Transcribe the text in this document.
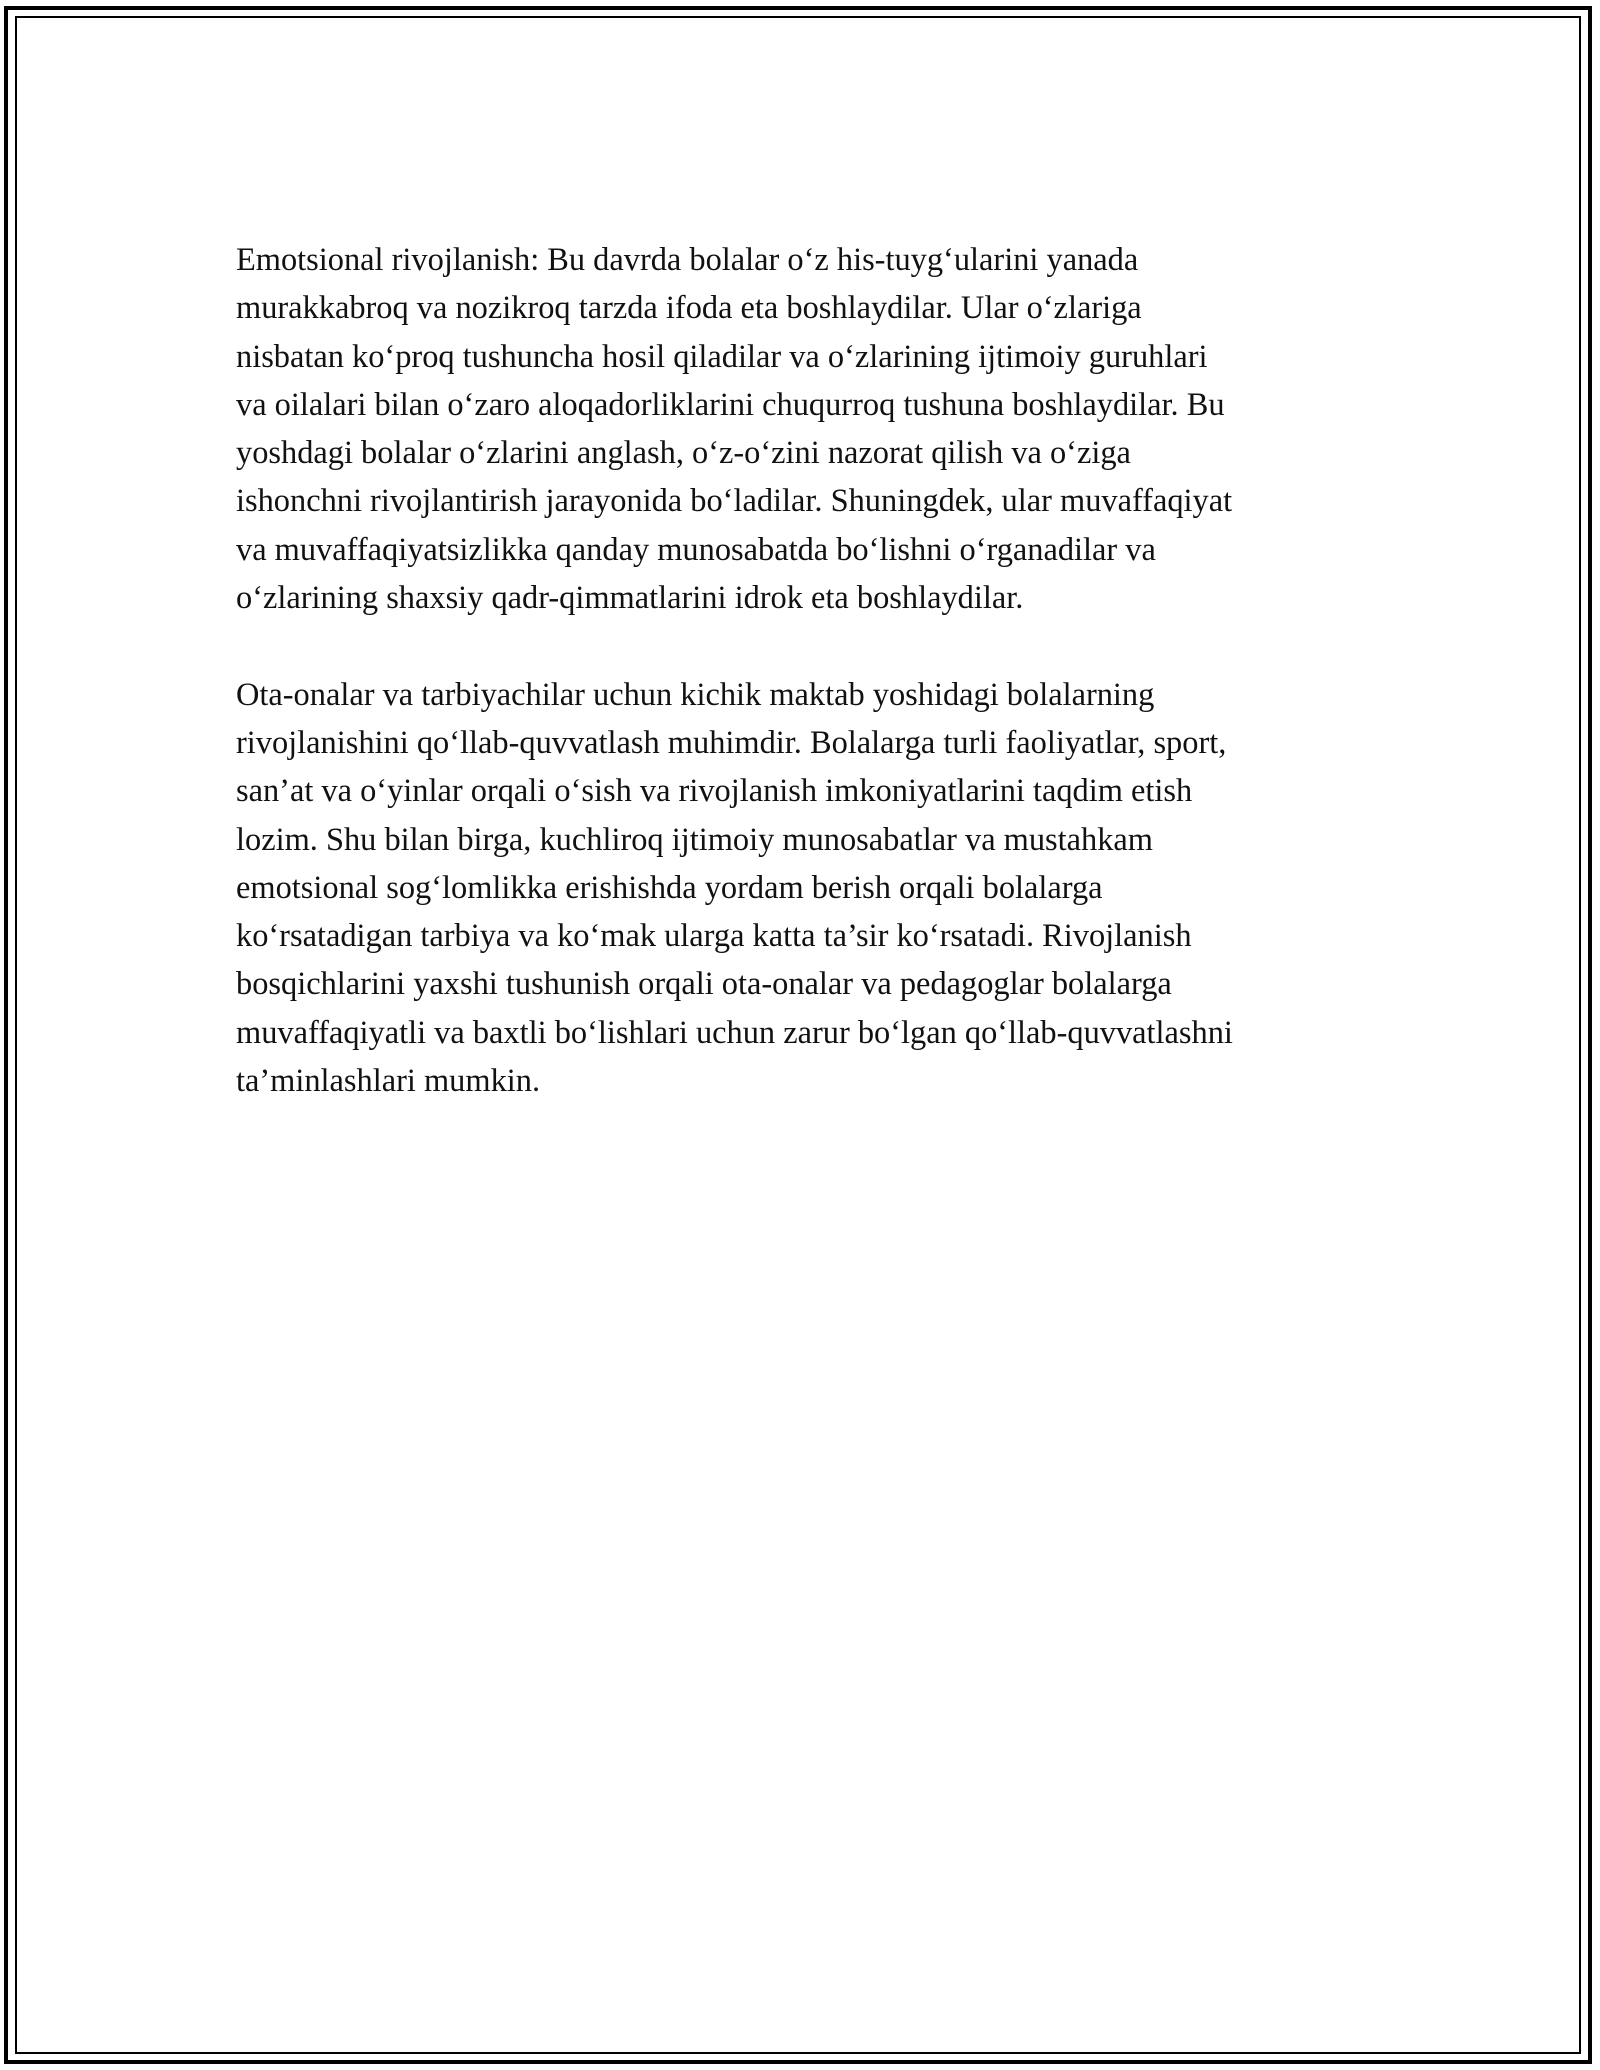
Emotsional rivojlanish: Bu davrda bolalar oʻz his-tuygʻularini yanada
murakkabroq va nozikroq tarzda ifoda eta boshlaydilar. Ular oʻzlariga
nisbatan koʻproq tushuncha hosil qiladilar va oʻzlarining ijtimoiy guruhlari
va oilalari bilan oʻzaro aloqadorliklarini chuqurroq tushuna boshlaydilar. Bu
yoshdagi bolalar oʻzlarini anglash, oʻz-oʻzini nazorat qilish va oʻziga
ishonchni rivojlantirish jarayonida boʻladilar. Shuningdek, ular muvaffaqiyat
va muvaffaqiyatsizlikka qanday munosabatda boʻlishni oʻrganadilar va
oʻzlarining shaxsiy qadr-qimmatlarini idrok eta boshlaydilar.

Ota-onalar va tarbiyachilar uchun kichik maktab yoshidagi bolalarning
rivojlanishini qoʻllab-quvvatlash muhimdir. Bolalarga turli faoliyatlar, sport,
san’at va oʻyinlar orqali oʻsish va rivojlanish imkoniyatlarini taqdim etish
lozim. Shu bilan birga, kuchliroq ijtimoiy munosabatlar va mustahkam
emotsional sogʻlomlikka erishishda yordam berish orqali bolalarga
koʻrsatadigan tarbiya va koʻmak ularga katta ta’sir koʻrsatadi. Rivojlanish
bosqichlarini yaxshi tushunish orqali ota-onalar va pedagoglar bolalarga
muvaffaqiyatli va baxtli boʻlishlari uchun zarur boʻlgan qoʻllab-quvvatlashni
ta’minlashlari mumkin.
